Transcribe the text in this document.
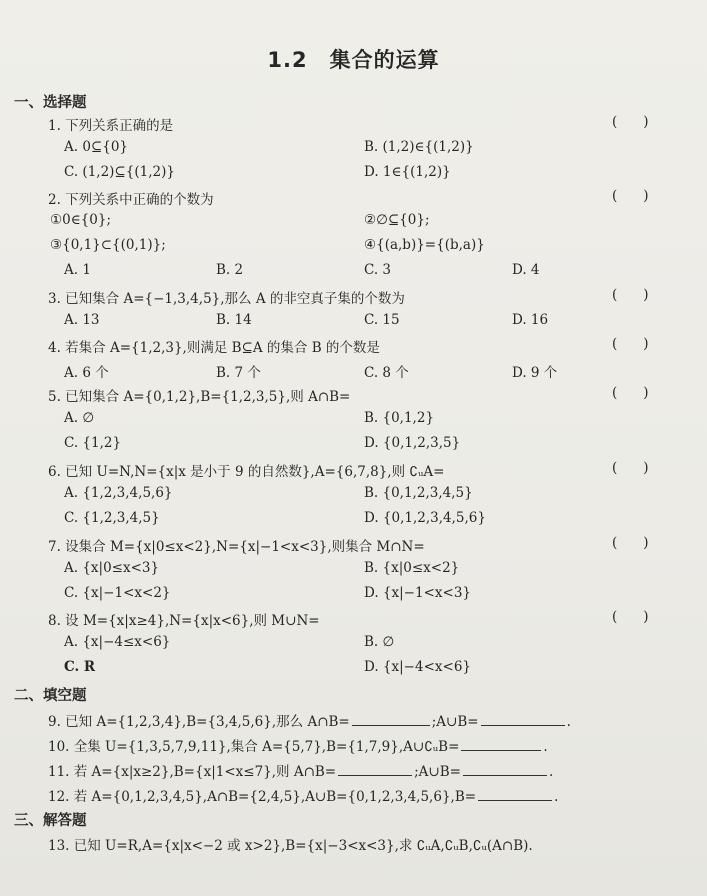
1.2　集合的运算
一、选择题
1. 下列关系正确的是	()
A. 0⊆{0}	B. (1,2)∈{(1,2)}
C. (1,2)⊆{(1,2)}	D. 1∈{(1,2)}
2. 下列关系中正确的个数为	()
①0∈{0};	②∅⊆{0};
③{0,1}⊂{(0,1)};	④{(a,b)}={(b,a)}
A. 1	B. 2	C. 3	D. 4
3. 已知集合 A={−1,3,4,5},那么 A 的非空真子集的个数为	()
A. 13	B. 14	C. 15	D. 16
4. 若集合 A={1,2,3},则满足 B⊆A 的集合 B 的个数是	()
A. 6 个	B. 7 个	C. 8 个	D. 9 个
5. 已知集合 A={0,1,2},B={1,2,3,5},则 A∩B=	()
A. ∅	B. {0,1,2}
C. {1,2}	D. {0,1,2,3,5}
6. 已知 U=N,N={x|x 是小于 9 的自然数},A={6,7,8},则 ∁ᵤA=	()
A. {1,2,3,4,5,6}	B. {0,1,2,3,4,5}
C. {1,2,3,4,5}	D. {0,1,2,3,4,5,6}
7. 设集合 M={x|0≤x<2},N={x|−1<x<3},则集合 M∩N=	()
A. {x|0≤x<3}	B. {x|0≤x<2}
C. {x|−1<x<2}	D. {x|−1<x<3}
8. 设 M={x|x≥4},N={x|x<6},则 M∪N=	()
A. {x|−4≤x<6}	B. ∅
C. R	D. {x|−4<x<6}
二、填空题
9. 已知 A={1,2,3,4},B={3,4,5,6},那么 A∩B=	;A∪B=	.
10. 全集 U={1,3,5,7,9,11},集合 A={5,7},B={1,7,9},A∪∁ᵤB=	.
11. 若 A={x|x≥2},B={x|1<x≤7},则 A∩B=	;A∪B=	.
12. 若 A={0,1,2,3,4,5},A∩B={2,4,5},A∪B={0,1,2,3,4,5,6},B=	.
三、解答题
13. 已知 U=R,A={x|x<−2 或 x>2},B={x|−3<x<3},求 ∁ᵤA,∁ᵤB,∁ᵤ(A∩B).
